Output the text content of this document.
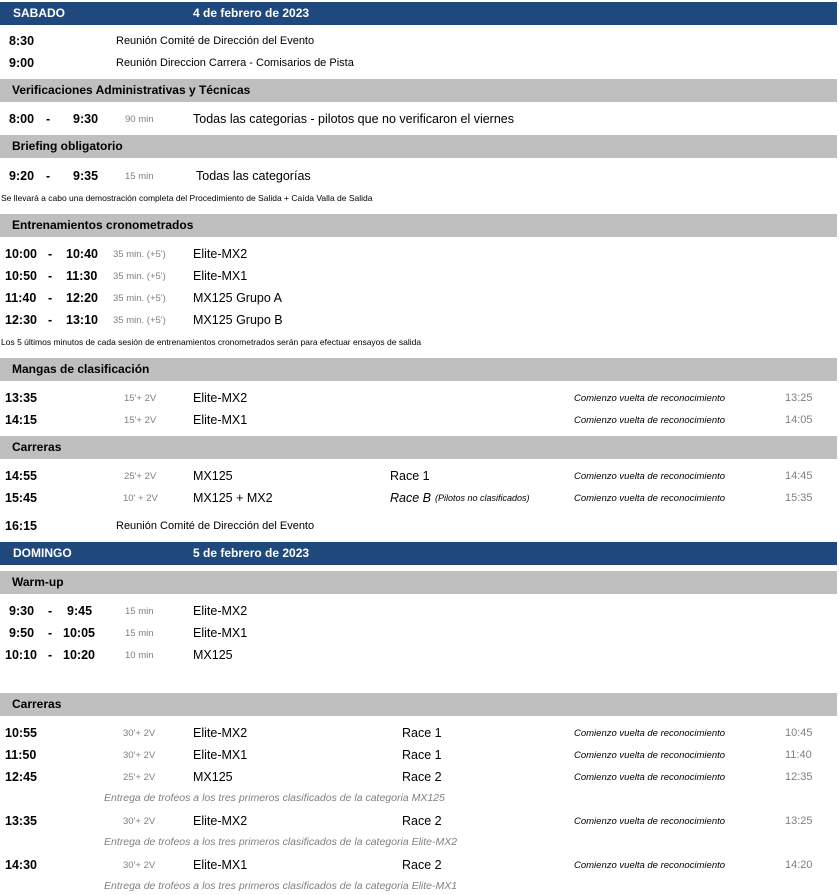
SABADO	4 de febrero de 2023
8:30	Reunión Comité de Dirección del Evento
9:00	Reunión Direccion Carrera - Comisarios de Pista
Verificaciones Administrativas y Técnicas
8:00 - 9:30	90 min	Todas las categorias - pilotos que no verificaron el viernes
Briefing obligatorio
9:20 - 9:35	15 min	Todas las categorías
Se llevará a cabo una demostración completa del Procedimiento de Salida + Caída Valla de Salida
Entrenamientos cronometrados
10:00 - 10:40 35 min. (+5') Elite-MX2
10:50 - 11:30 35 min. (+5') Elite-MX1
11:40 - 12:20 35 min. (+5') MX125 Grupo A
12:30 - 13:10 35 min. (+5') MX125 Grupo B
Los 5 últimos minutos de cada sesión de entrenamientos cronometrados serán para efectuar ensayos de salida
Mangas de clasificación
13:35	15'+ 2V	Elite-MX2	Comienzo vuelta de reconocimiento	13:25
14:15	15'+ 2V	Elite-MX1	Comienzo vuelta de reconocimiento	14:05
Carreras
14:55	25'+ 2V	MX125	Race 1	Comienzo vuelta de reconocimiento	14:45
15:45	10' + 2V	MX125 + MX2	Race B (Pilotos no clasificados)	Comienzo vuelta de reconocimiento	15:35
16:15	Reunión Comité de Dirección del Evento
DOMINGO	5 de febrero de 2023
Warm-up
9:30 - 9:45	15 min	Elite-MX2
9:50 - 10:05	15 min	Elite-MX1
10:10 - 10:20	10 min	MX125
Carreras
10:55	30'+ 2V	Elite-MX2	Race 1	Comienzo vuelta de reconocimiento	10:45
11:50	30'+ 2V	Elite-MX1	Race 1	Comienzo vuelta de reconocimiento	11:40
12:45	25'+ 2V	MX125	Race 2	Comienzo vuelta de reconocimiento	12:35
Entrega de trofeos a los tres primeros clasificados de la categoria MX125
13:35	30'+ 2V	Elite-MX2	Race 2	Comienzo vuelta de reconocimiento	13:25
Entrega de trofeos a los tres primeros clasificados de la categoria Elite-MX2
14:30	30'+ 2V	Elite-MX1	Race 2	Comienzo vuelta de reconocimiento	14:20
Entrega de trofeos a los tres primeros clasificados de la categoria Elite-MX1
